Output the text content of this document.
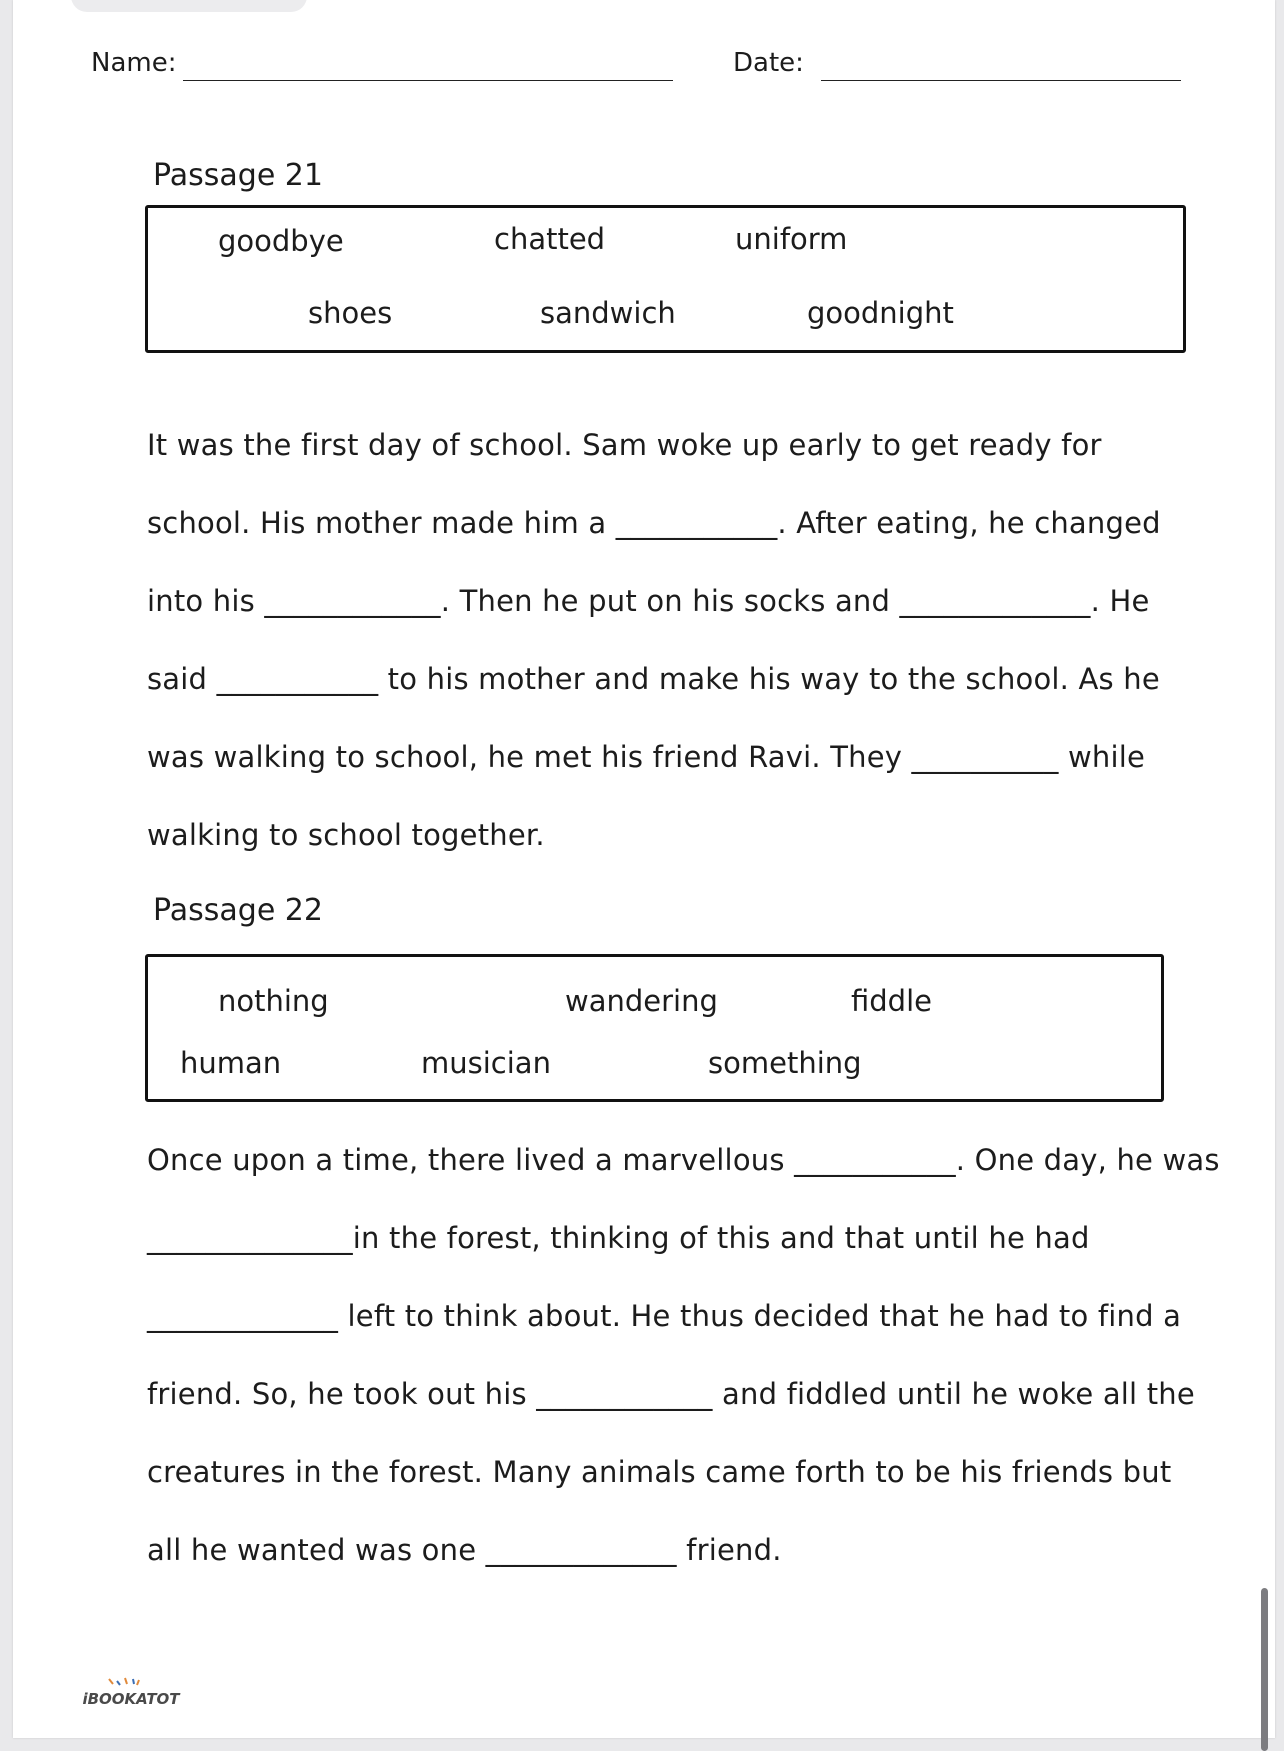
Name:	Date:
Passage 21
goodbye	chatted	uniform
shoes	sandwich	goodnight
It was the first day of school. Sam woke up early to get ready for
school. His mother made him a ___________. After eating, he changed
into his ____________. Then he put on his socks and _____________. He
said ___________ to his mother and make his way to the school. As he
was walking to school, he met his friend Ravi. They __________ while
walking to school together.
Passage 22
nothing	wandering	fiddle
human	musician	something
Once upon a time, there lived a marvellous ___________. One day, he was
______________in the forest, thinking of this and that until he had
_____________ left to think about. He thus decided that he had to find a
friend. So, he took out his ____________ and fiddled until he woke all the
creatures in the forest. Many animals came forth to be his friends but
all he wanted was one _____________ friend.
iBOOKATOT
